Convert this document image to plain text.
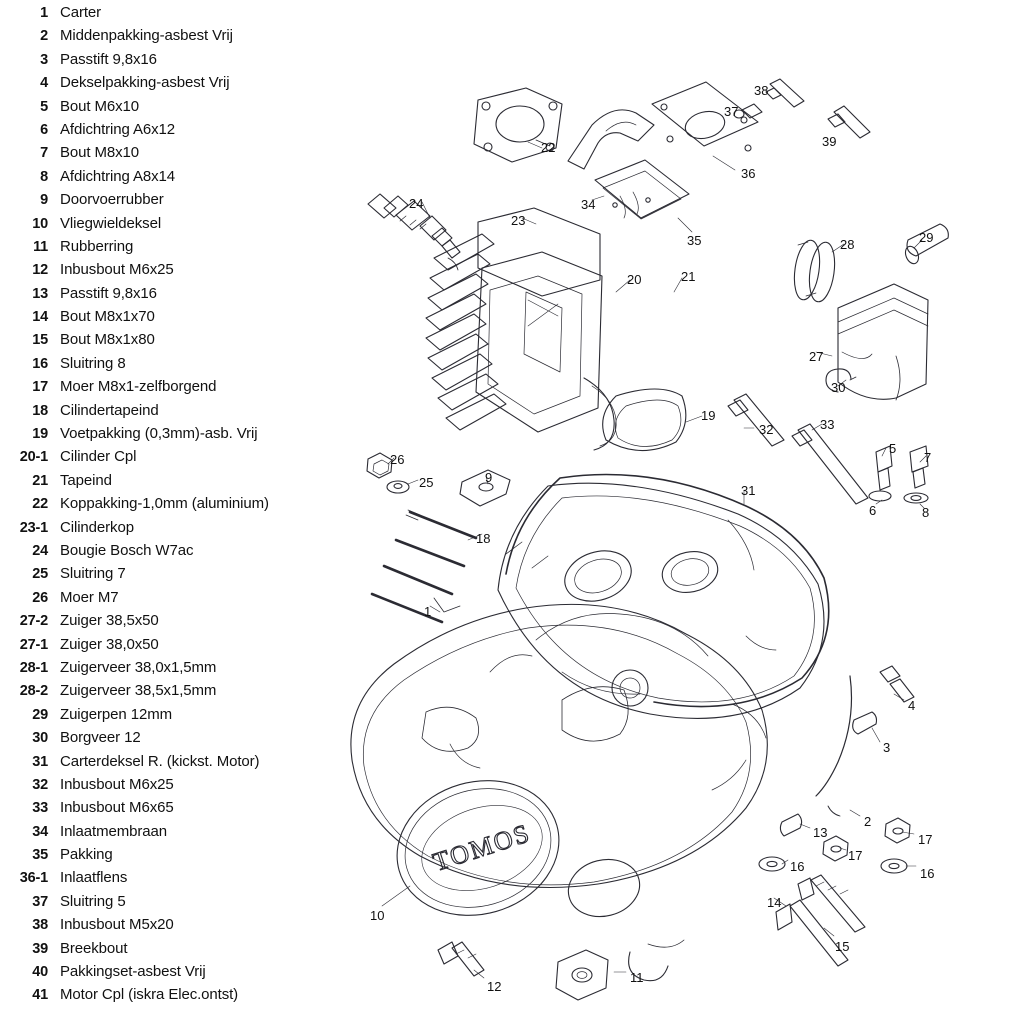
1 Carter
2 Middenpakking-asbest Vrij
3 Passtift 9,8x16
4 Dekselpakking-asbest Vrij
5 Bout M6x10
6 Afdichtring A6x12
7 Bout M8x10
8 Afdichtring A8x14
9 Doorvoerrubber
10 Vliegwieldeksel
11 Rubberring
12 Inbusbout M6x25
13 Passtift 9,8x16
14 Bout M8x1x70
15 Bout M8x1x80
16 Sluitring 8
17 Moer M8x1-zelfborgend
18 Cilindertapeind
19 Voetpakking (0,3mm)-asb. Vrij
20-1 Cilinder Cpl
21 Tapeind
22 Koppakking-1,0mm (aluminium)
23-1 Cilinderkop
24 Bougie Bosch W7ac
25 Sluitring 7
26 Moer M7
27-2 Zuiger 38,5x50
27-1 Zuiger 38,0x50
28-1 Zuigerveer 38,0x1,5mm
28-2 Zuigerveer 38,5x1,5mm
29 Zuigerpen 12mm
30 Borgveer 12
31 Carterdeksel R. (kickst. Motor)
32 Inbusbout M6x25
33 Inbusbout M6x65
34 Inlaatmembraan
35 Pakking
36-1 Inlaatflens
37 Sluitring 5
38 Inbusbout M5x20
39 Breekbout
40 Pakkingset-asbest Vrij
41 Motor Cpl (iskra Elec.ontst)
TOMOS
38
37
39
22
36
34
24
23
35	28	29
20	21
27
30
19
32	33
5
7
26
25	9
6	8
31
18
1
4
3
2
13	17
17
16	16
14
10
15
12
11
